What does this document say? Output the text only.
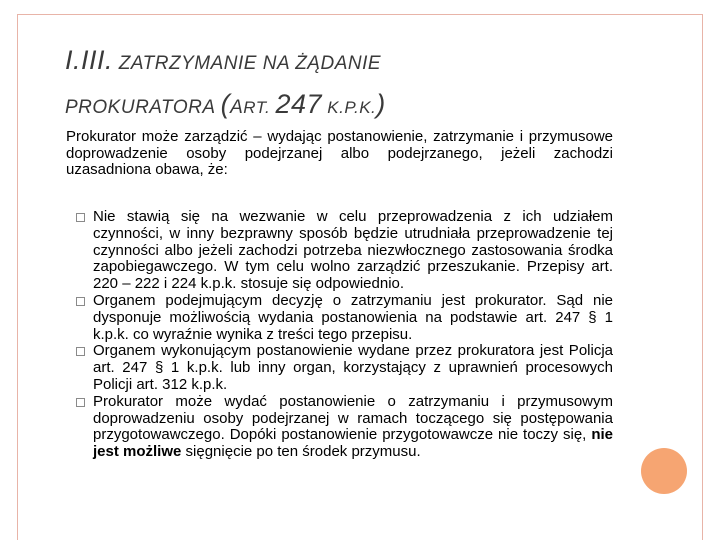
I.III. ZATRZYMANIE NA ŻĄDANIE
PROKURATORA (ART. 247 K.P.K.)

Prokurator może zarządzić – wydając postanowienie, zatrzymanie i przymusowe doprowadzenie osoby podejrzanej albo podejrzanego, jeżeli zachodzi uzasadniona obawa, że:

Nie stawią się na wezwanie w celu przeprowadzenia z ich udziałem czynności, w inny bezprawny sposób będzie utrudniała przeprowadzenie tej czynności albo jeżeli zachodzi potrzeba niezwłocznego zastosowania środka zapobiegawczego. W tym celu wolno zarządzić przeszukanie. Przepisy art. 220 – 222 i 224 k.p.k. stosuje się odpowiednio.
Organem podejmującym decyzję o zatrzymaniu jest prokurator. Sąd nie dysponuje możliwością wydania postanowienia na podstawie art. 247 § 1 k.p.k. co wyraźnie wynika z treści tego przepisu.
Organem wykonującym postanowienie wydane przez prokuratora jest Policja art. 247 § 1 k.p.k. lub inny organ, korzystający z uprawnień procesowych Policji art. 312 k.p.k.
Prokurator może wydać postanowienie o zatrzymaniu i przymusowym doprowadzeniu osoby podejrzanej w ramach toczącego się postępowania przygotowawczego. Dopóki postanowienie przygotowawcze nie toczy się, nie jest możliwe sięgnięcie po ten środek przymusu.
